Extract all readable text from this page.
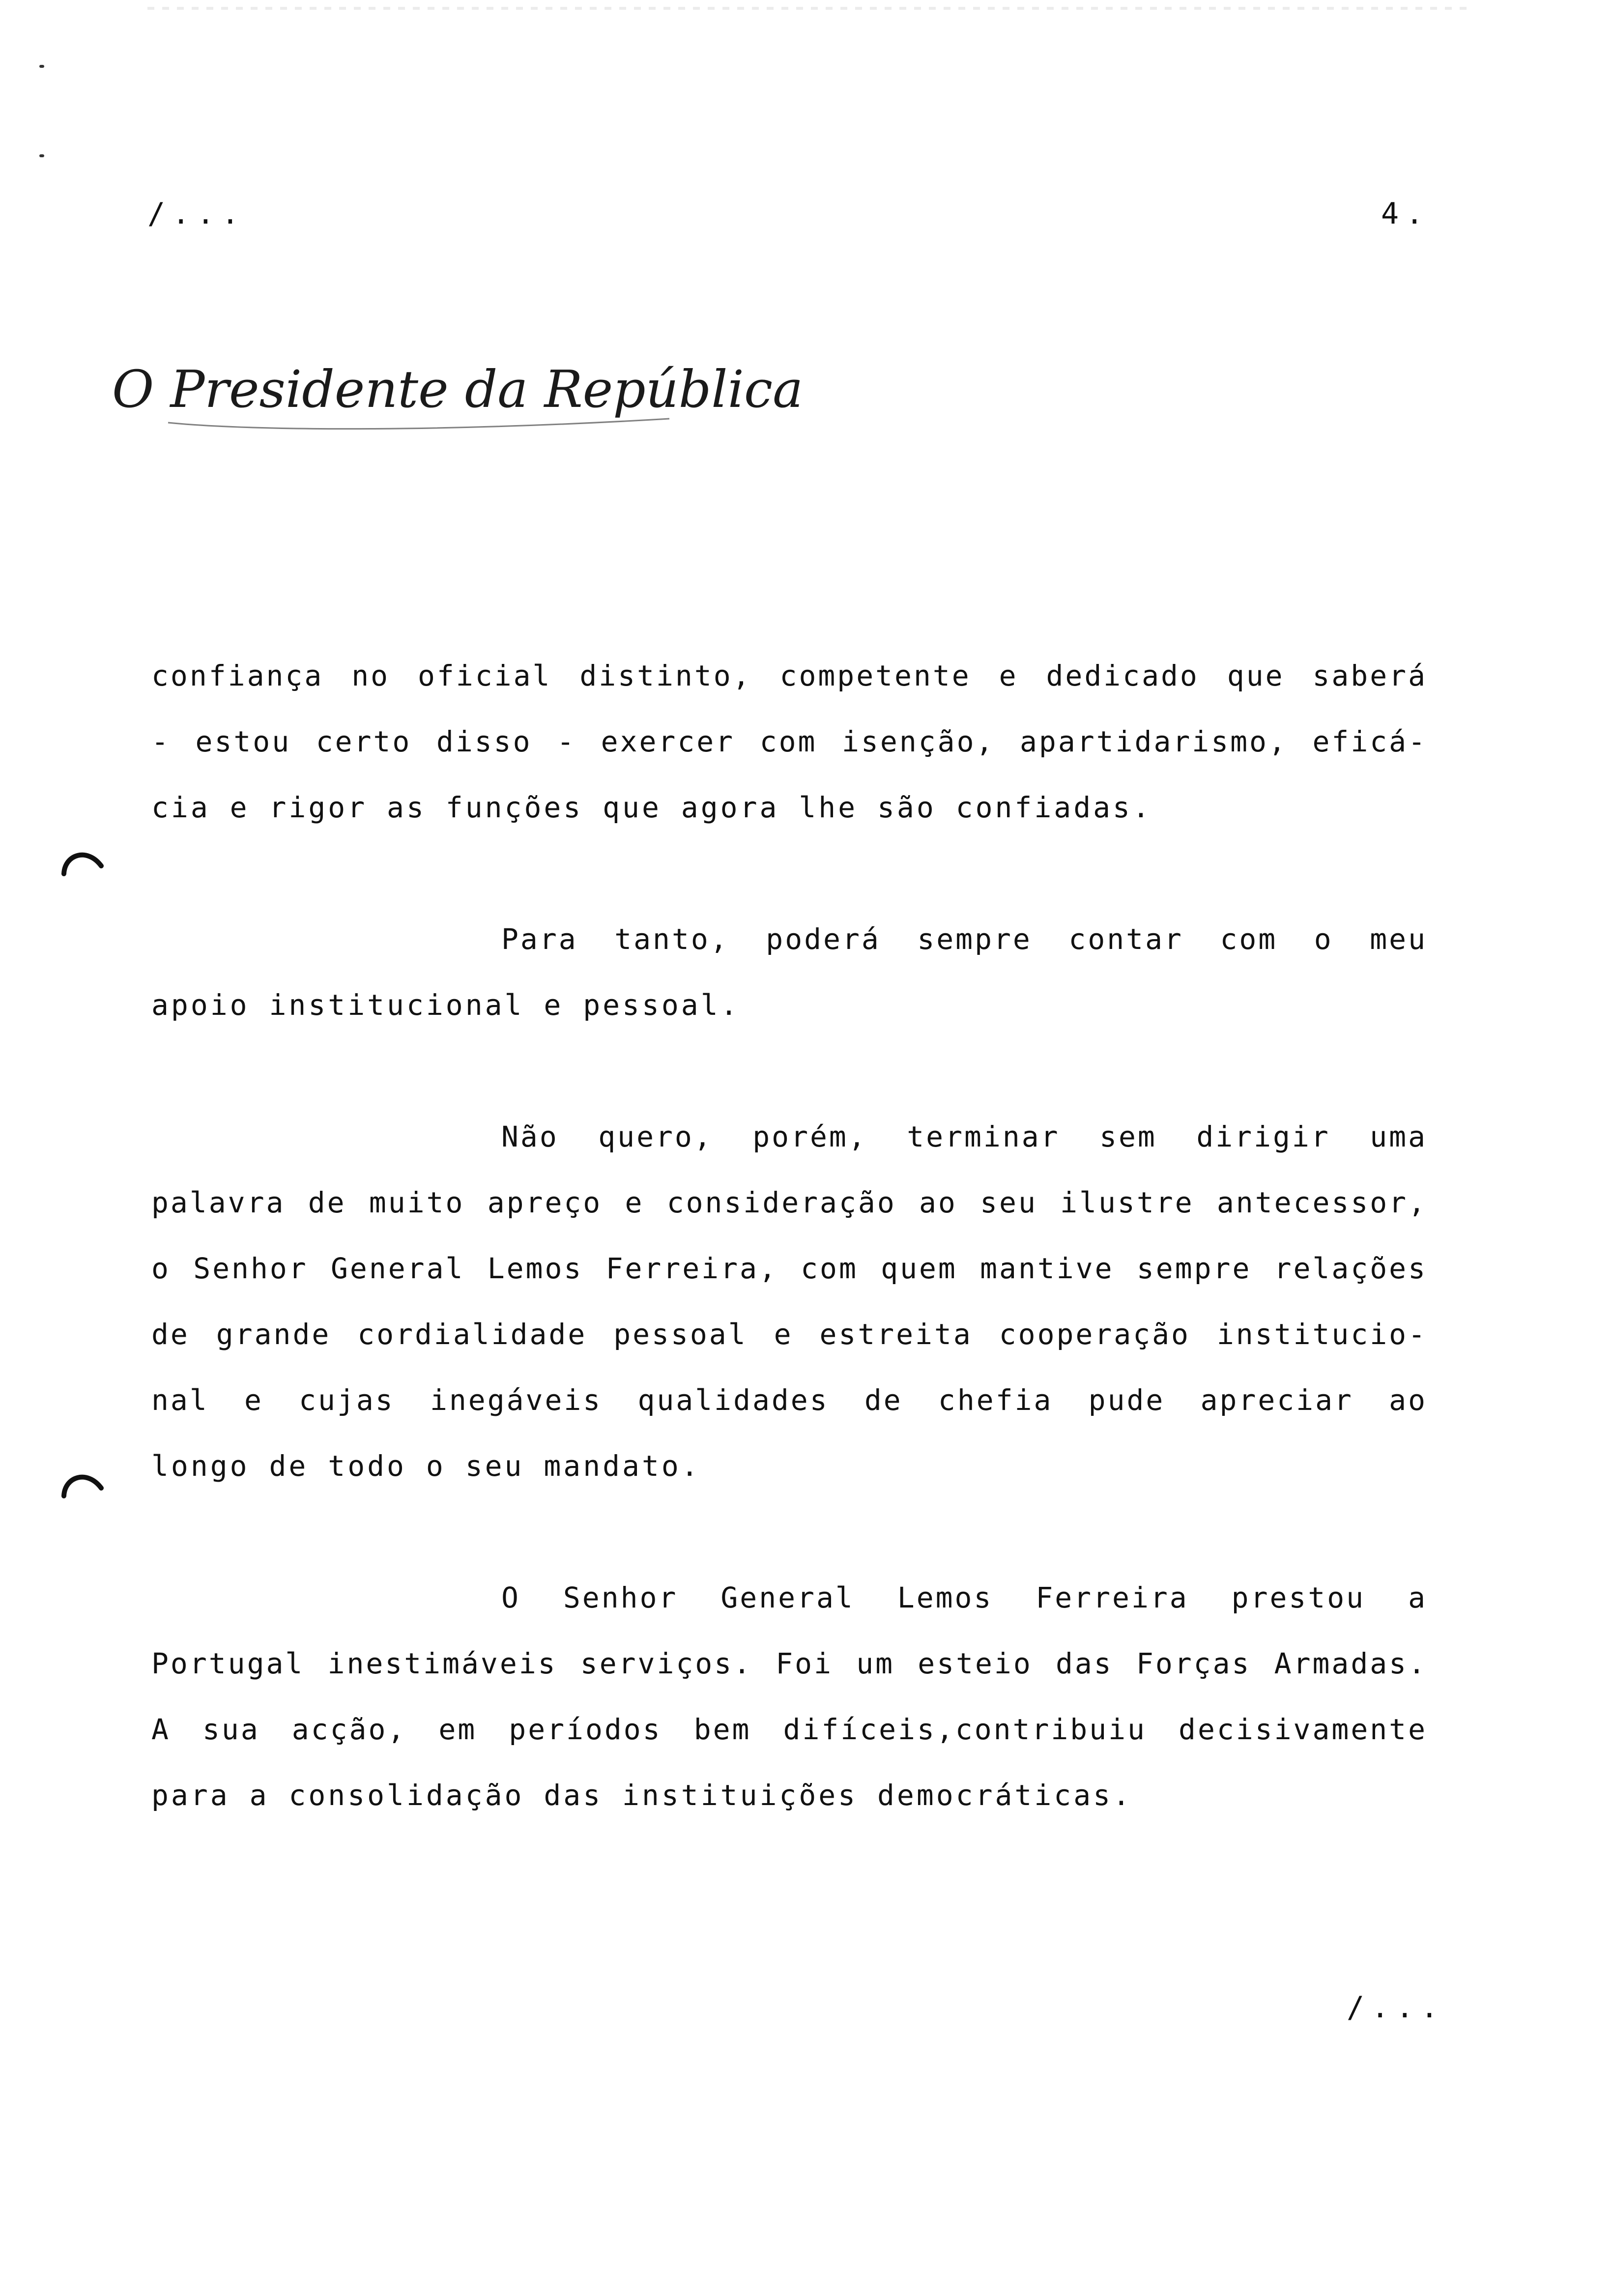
/...	4.
O Presidente da República
confiança no oficial distinto, competente e dedicado que saberá
- estou certo disso - exercer com isenção, apartidarismo, eficá-
cia e rigor as funções que agora lhe são confiadas.
Para tanto, poderá sempre contar com o meu
apoio institucional e pessoal.
Não quero, porém, terminar sem dirigir uma
palavra de muito apreço e consideração ao seu ilustre antecessor,
o Senhor General Lemos Ferreira, com quem mantive sempre relações
de grande cordialidade pessoal e estreita cooperação institucio-
nal e cujas inegáveis qualidades de chefia pude apreciar ao
longo de todo o seu mandato.
O Senhor General Lemos Ferreira prestou a
Portugal inestimáveis serviços. Foi um esteio das Forças Armadas.
A sua acção, em períodos bem difíceis,contribuiu decisivamente
para a consolidação das instituições democráticas.
/...
